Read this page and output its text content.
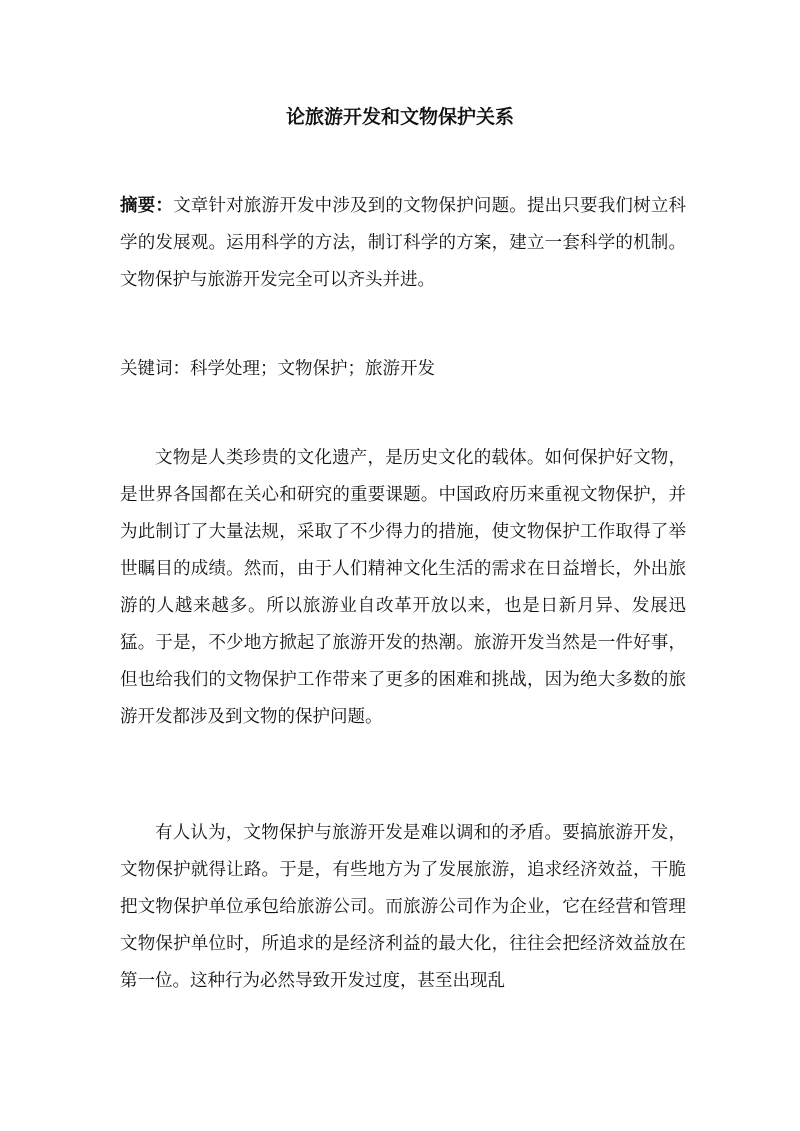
论旅游开发和文物保护关系

摘要：文章针对旅游开发中涉及到的文物保护问题。提出只要我们树立科学的发展观。运用科学的方法，制订科学的方案，建立一套科学的机制。文物保护与旅游开发完全可以齐头并进。

关键词：科学处理；文物保护；旅游开发

文物是人类珍贵的文化遗产，是历史文化的载体。如何保护好文物，是世界各国都在关心和研究的重要课题。中国政府历来重视文物保护，并为此制订了大量法规，采取了不少得力的措施，使文物保护工作取得了举世瞩目的成绩。然而，由于人们精神文化生活的需求在日益增长，外出旅游的人越来越多。所以旅游业自改革开放以来，也是日新月异、发展迅猛。于是，不少地方掀起了旅游开发的热潮。旅游开发当然是一件好事，但也给我们的文物保护工作带来了更多的困难和挑战，因为绝大多数的旅游开发都涉及到文物的保护问题。

有人认为，文物保护与旅游开发是难以调和的矛盾。要搞旅游开发，文物保护就得让路。于是，有些地方为了发展旅游，追求经济效益，干脆把文物保护单位承包给旅游公司。而旅游公司作为企业，它在经营和管理文物保护单位时，所追求的是经济利益的最大化，往往会把经济效益放在第一位。这种行为必然导致开发过度，甚至出现乱
